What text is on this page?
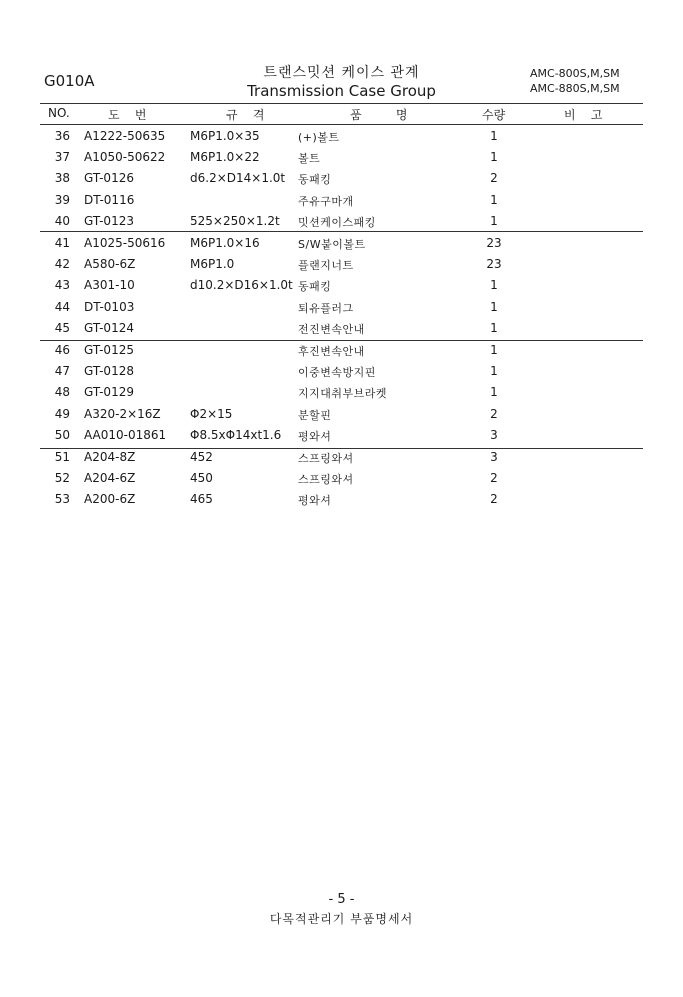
G010A	트랜스밋션 케이스 관계
Transmission Case Group
AMC-800S,M,SM
AMC-880S,M,SM
NO.	도    번	규    격	품         명	수량	비    고
36 A1222-50635 M6P1.0×35	(+)볼트	1
37 A1050-50622 M6P1.0×22	볼트	1
38 GT-0126	d6.2×D14×1.0t 동패킹	2
39 DT-0116	주유구마개	1
40 GT-0123	525×250×1.2t 밋션케이스패킹	1
41 A1025-50616 M6P1.0×16	S/W붙이볼트	23
42 A580-6Z	M6P1.0	플랜지너트	23
43 A301-10	d10.2×D16×1.0t 동패킹	1
44 DT-0103	퇴유플러그	1
45 GT-0124	전진변속안내	1
46 GT-0125	후진변속안내	1
47 GT-0128	이중변속방지핀	1
48 GT-0129	지지대취부브라켓	1
49 A320-2×16Z Φ2×15	분할핀	2
50 AA010-01861 Φ8.5xΦ14xt1.6 평와셔	3
51 A204-8Z	452	스프링와셔	3
52 A204-6Z	450	스프링와셔	2
53 A200-6Z	465	평와셔	2
- 5 -
다목적관리기 부품명세서
